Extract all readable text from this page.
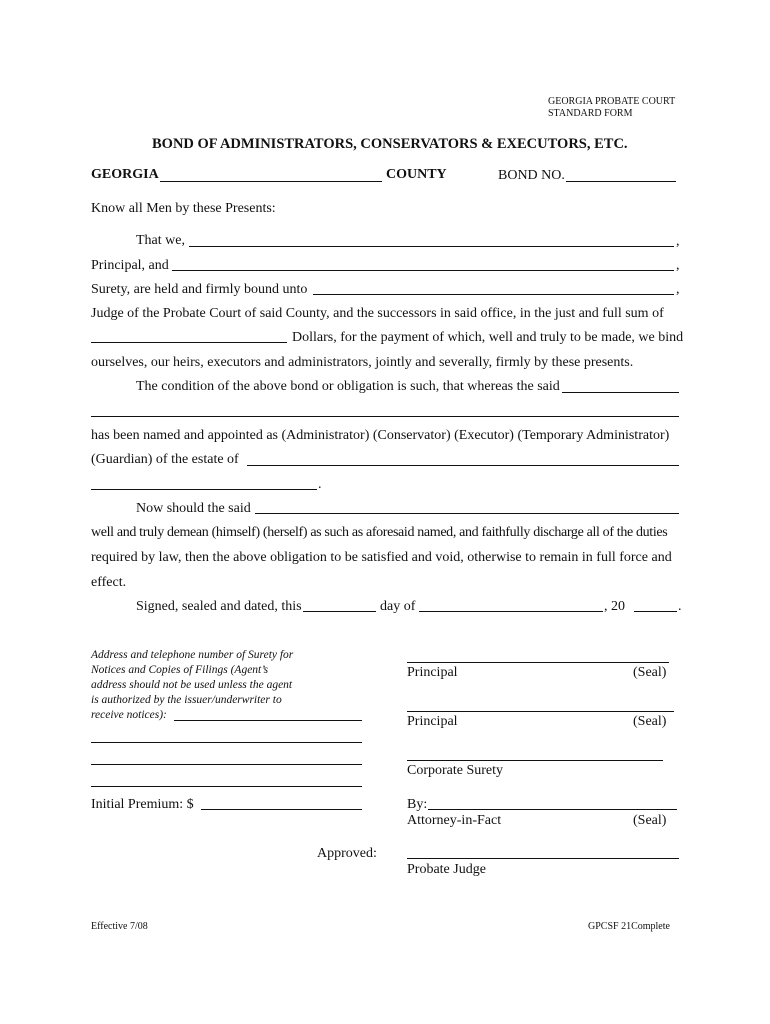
GEORGIA PROBATE COURT
STANDARD FORM
BOND OF ADMINISTRATORS, CONSERVATORS & EXECUTORS, ETC.
GEORGIA	COUNTY	BOND NO.
Know all Men by these Presents:
That we,	,
Principal, and	,
Surety, are held and firmly bound unto	,
Judge of the Probate Court of said County, and the successors in said office, in the just and full sum of
Dollars, for the payment of which, well and truly to be made, we bind
ourselves, our heirs, executors and administrators, jointly and severally, firmly by these presents.
The condition of the above bond or obligation is such, that whereas the said
has been named and appointed as (Administrator) (Conservator) (Executor) (Temporary Administrator)
(Guardian) of the estate of
.
Now should the said
well and truly demean (himself) (herself) as such as aforesaid named, and faithfully discharge all of the duties
required by law, then the above obligation to be satisfied and void, otherwise to remain in full force and
effect.
Signed, sealed and dated, this	day of	, 20	.
Address and telephone number of Surety for
Notices and Copies of Filings (Agent’s
address should not be used unless the agent
is authorized by the issuer/underwriter to
receive notices):
Initial Premium: $
Principal	(Seal)
Principal	(Seal)
Corporate Surety
By:
Attorney-in-Fact	(Seal)
Approved:
Probate Judge
Effective 7/08	GPCSF 21Complete
